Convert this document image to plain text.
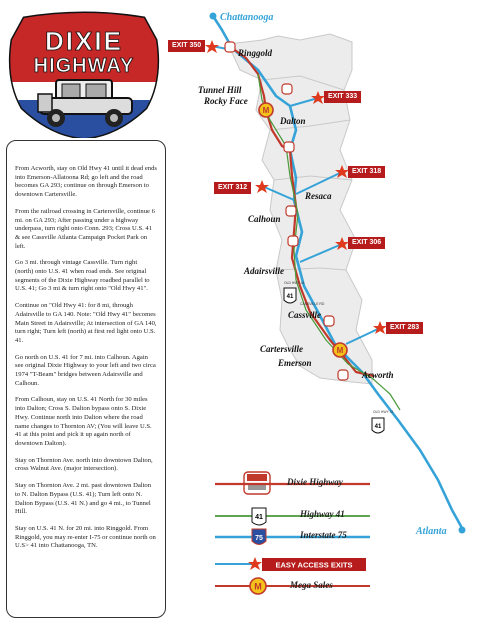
DIXIE
HIGHWAY

From Acworth, stay on Old Hwy 41 until it dead ends into Emerson-Allatoona Rd; go left and the road becomes GA 293; continue on through Emerson to downtown Cartersville.

From the railroad crossing in Cartersville, continue 6 mi. on GA 293; After passing under a highway underpass, turn right onto Conn. 293; Cross U.S. 41 & see Cassville Atlanta Campaign Pocket Park on left.

Go 3 mi. through vintage Cassville. Turn right (north) onto U.S. 41 when road ends. See original segments of the Dixie Highway roadbed parallel to U.S. 41; Go 3 mi & turn right onto "Old Hwy 41".

Continue on "Old Hwy 41: for 8 mi, through Adairsville to GA 140. Note: "Old Hwy 41" becomes Main Street in Adairsville; At intersection of GA 140, turn right; Turn left (north) at first red light onto U.S. 41.

Go north on U.S. 41 for 7 mi. into Calhoun. Again see original Dixie Highway to your left and two circa 1974 "T-Beam" bridges between Adairsville and Calhoun.

From Calhoun, stay on U.S. 41 North for 30 miles into Dalton; Cross S. Dalton bypass onto S. Dixie Hwy. Continue north into Dalton where the road name changes to Thornton AV; (You will leave U.S. 41 at this point and pick it up again north of downtown Dalton).

Stay on Thornton Ave. north into downtown Dalton, cross Walnut Ave. (major intersection).

Stay on Thornton Ave. 2 mi. past downtown Dalton to N. Dalton Bypass (U.S. 41); Turn left onto N. Dalton Bypass (U.S. 41 N.) and go 4 mi., to Tunnel Hill.

Stay on U.S. 41 N. for 20 mi. into Ringgold. From Ringgold, you may re-enter I-75 or continue north on U.S> 41 into Chattanooga, TN.

M
M
41
41
OLD HWY 41
OLD HWY 41
CASSVILLE RD
Chattanooga
Ringgold
Tunnel Hill
Rocky Face
Dalton
Resaca
Calhoun
Adairsville
Cassville
Cartersville
Emerson
Acworth
Atlanta
41
75
EASY ACCESS EXITS
M
EXIT 350
EXIT 333
EXIT 318
EXIT 312
EXIT 306
EXIT 283
Dixie Highway
Highway 41
Interstate 75
Mega Sales
